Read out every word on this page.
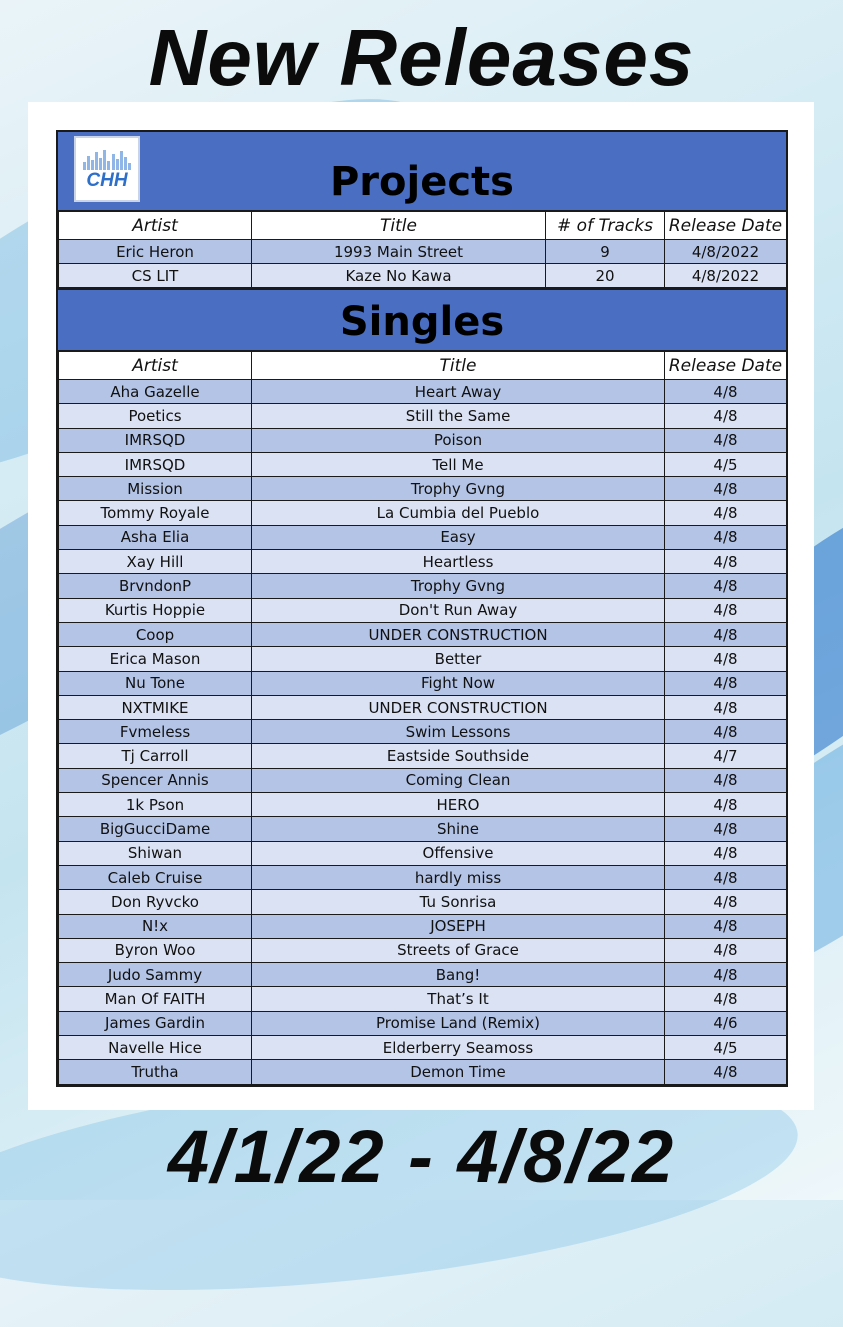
New Releases
CHH	Projects
Artist	Title	# of Tracks	Release Date
Eric Heron	1993 Main Street	9	4/8/2022
CS LIT	Kaze No Kawa	20	4/8/2022
Singles
Artist	Title	Release Date
Aha Gazelle	Heart Away	4/8
Poetics	Still the Same	4/8
IMRSQD	Poison	4/8
IMRSQD	Tell Me	4/5
Mission	Trophy Gvng	4/8
Tommy Royale	La Cumbia del Pueblo	4/8
Asha Elia	Easy	4/8
Xay Hill	Heartless	4/8
BrvndonP	Trophy Gvng	4/8
Kurtis Hoppie	Don't Run Away	4/8
Coop	UNDER CONSTRUCTION	4/8
Erica Mason	Better	4/8
Nu Tone	Fight Now	4/8
NXTMIKE	UNDER CONSTRUCTION	4/8
Fvmeless	Swim Lessons	4/8
Tj Carroll	Eastside Southside	4/7
Spencer Annis	Coming Clean	4/8
1k Pson	HERO	4/8
BigGucciDame	Shine	4/8
Shiwan	Offensive	4/8
Caleb Cruise	hardly miss	4/8
Don Ryvcko	Tu Sonrisa	4/8
N!x	JOSEPH	4/8
Byron Woo	Streets of Grace	4/8
Judo Sammy	Bang!	4/8
Man Of FAITH	That’s It	4/8
James Gardin	Promise Land (Remix)	4/6
Navelle Hice	Elderberry Seamoss	4/5
Trutha	Demon Time	4/8
4/1/22 - 4/8/22
